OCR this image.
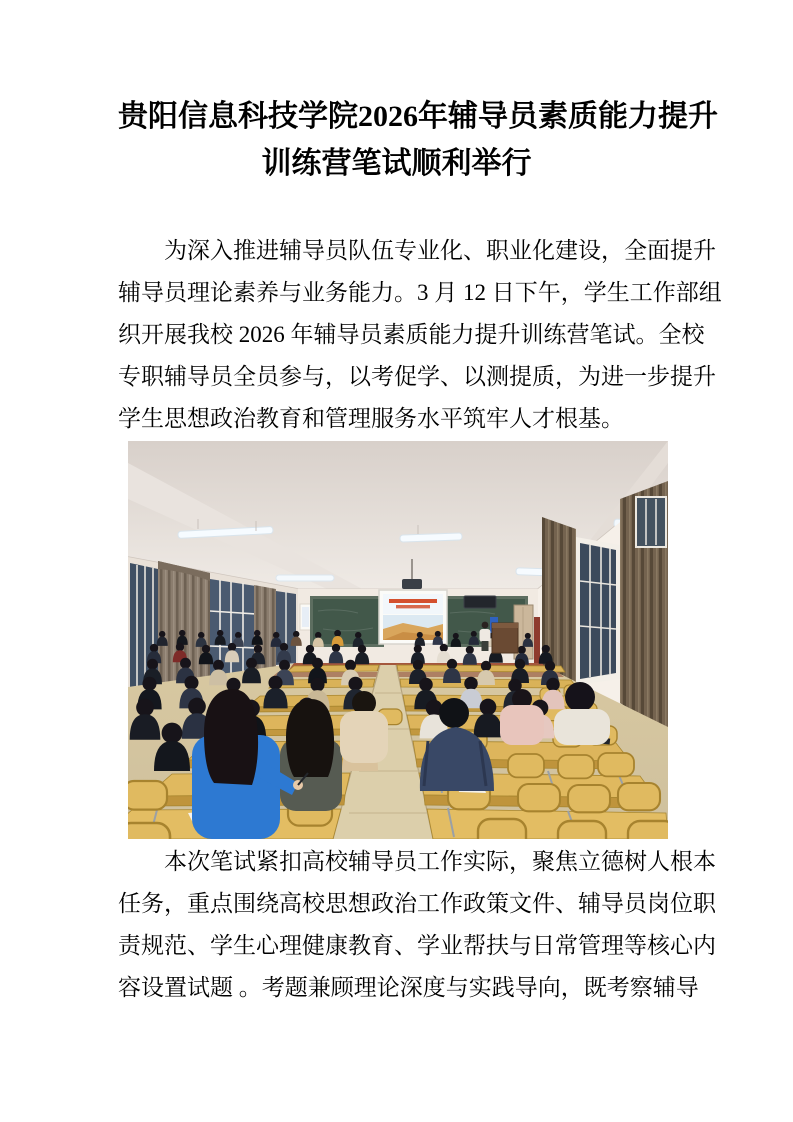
贵阳信息科技学院2026年辅导员素质能力提升
训练营笔试顺利举行
为深入推进辅导员队伍专业化、职业化建设，全面提升
辅导员理论素养与业务能力。3 月 12 日下午，学生工作部组
织开展我校 2026 年辅导员素质能力提升训练营笔试。全校
专职辅导员全员参与，以考促学、以测提质，为进一步提升
学生思想政治教育和管理服务水平筑牢人才根基。
本次笔试紧扣高校辅导员工作实际，聚焦立德树人根本
任务，重点围绕高校思想政治工作政策文件、辅导员岗位职
责规范、学生心理健康教育、学业帮扶与日常管理等核心内
容设置试题 。考题兼顾理论深度与实践导向，既考察辅导
